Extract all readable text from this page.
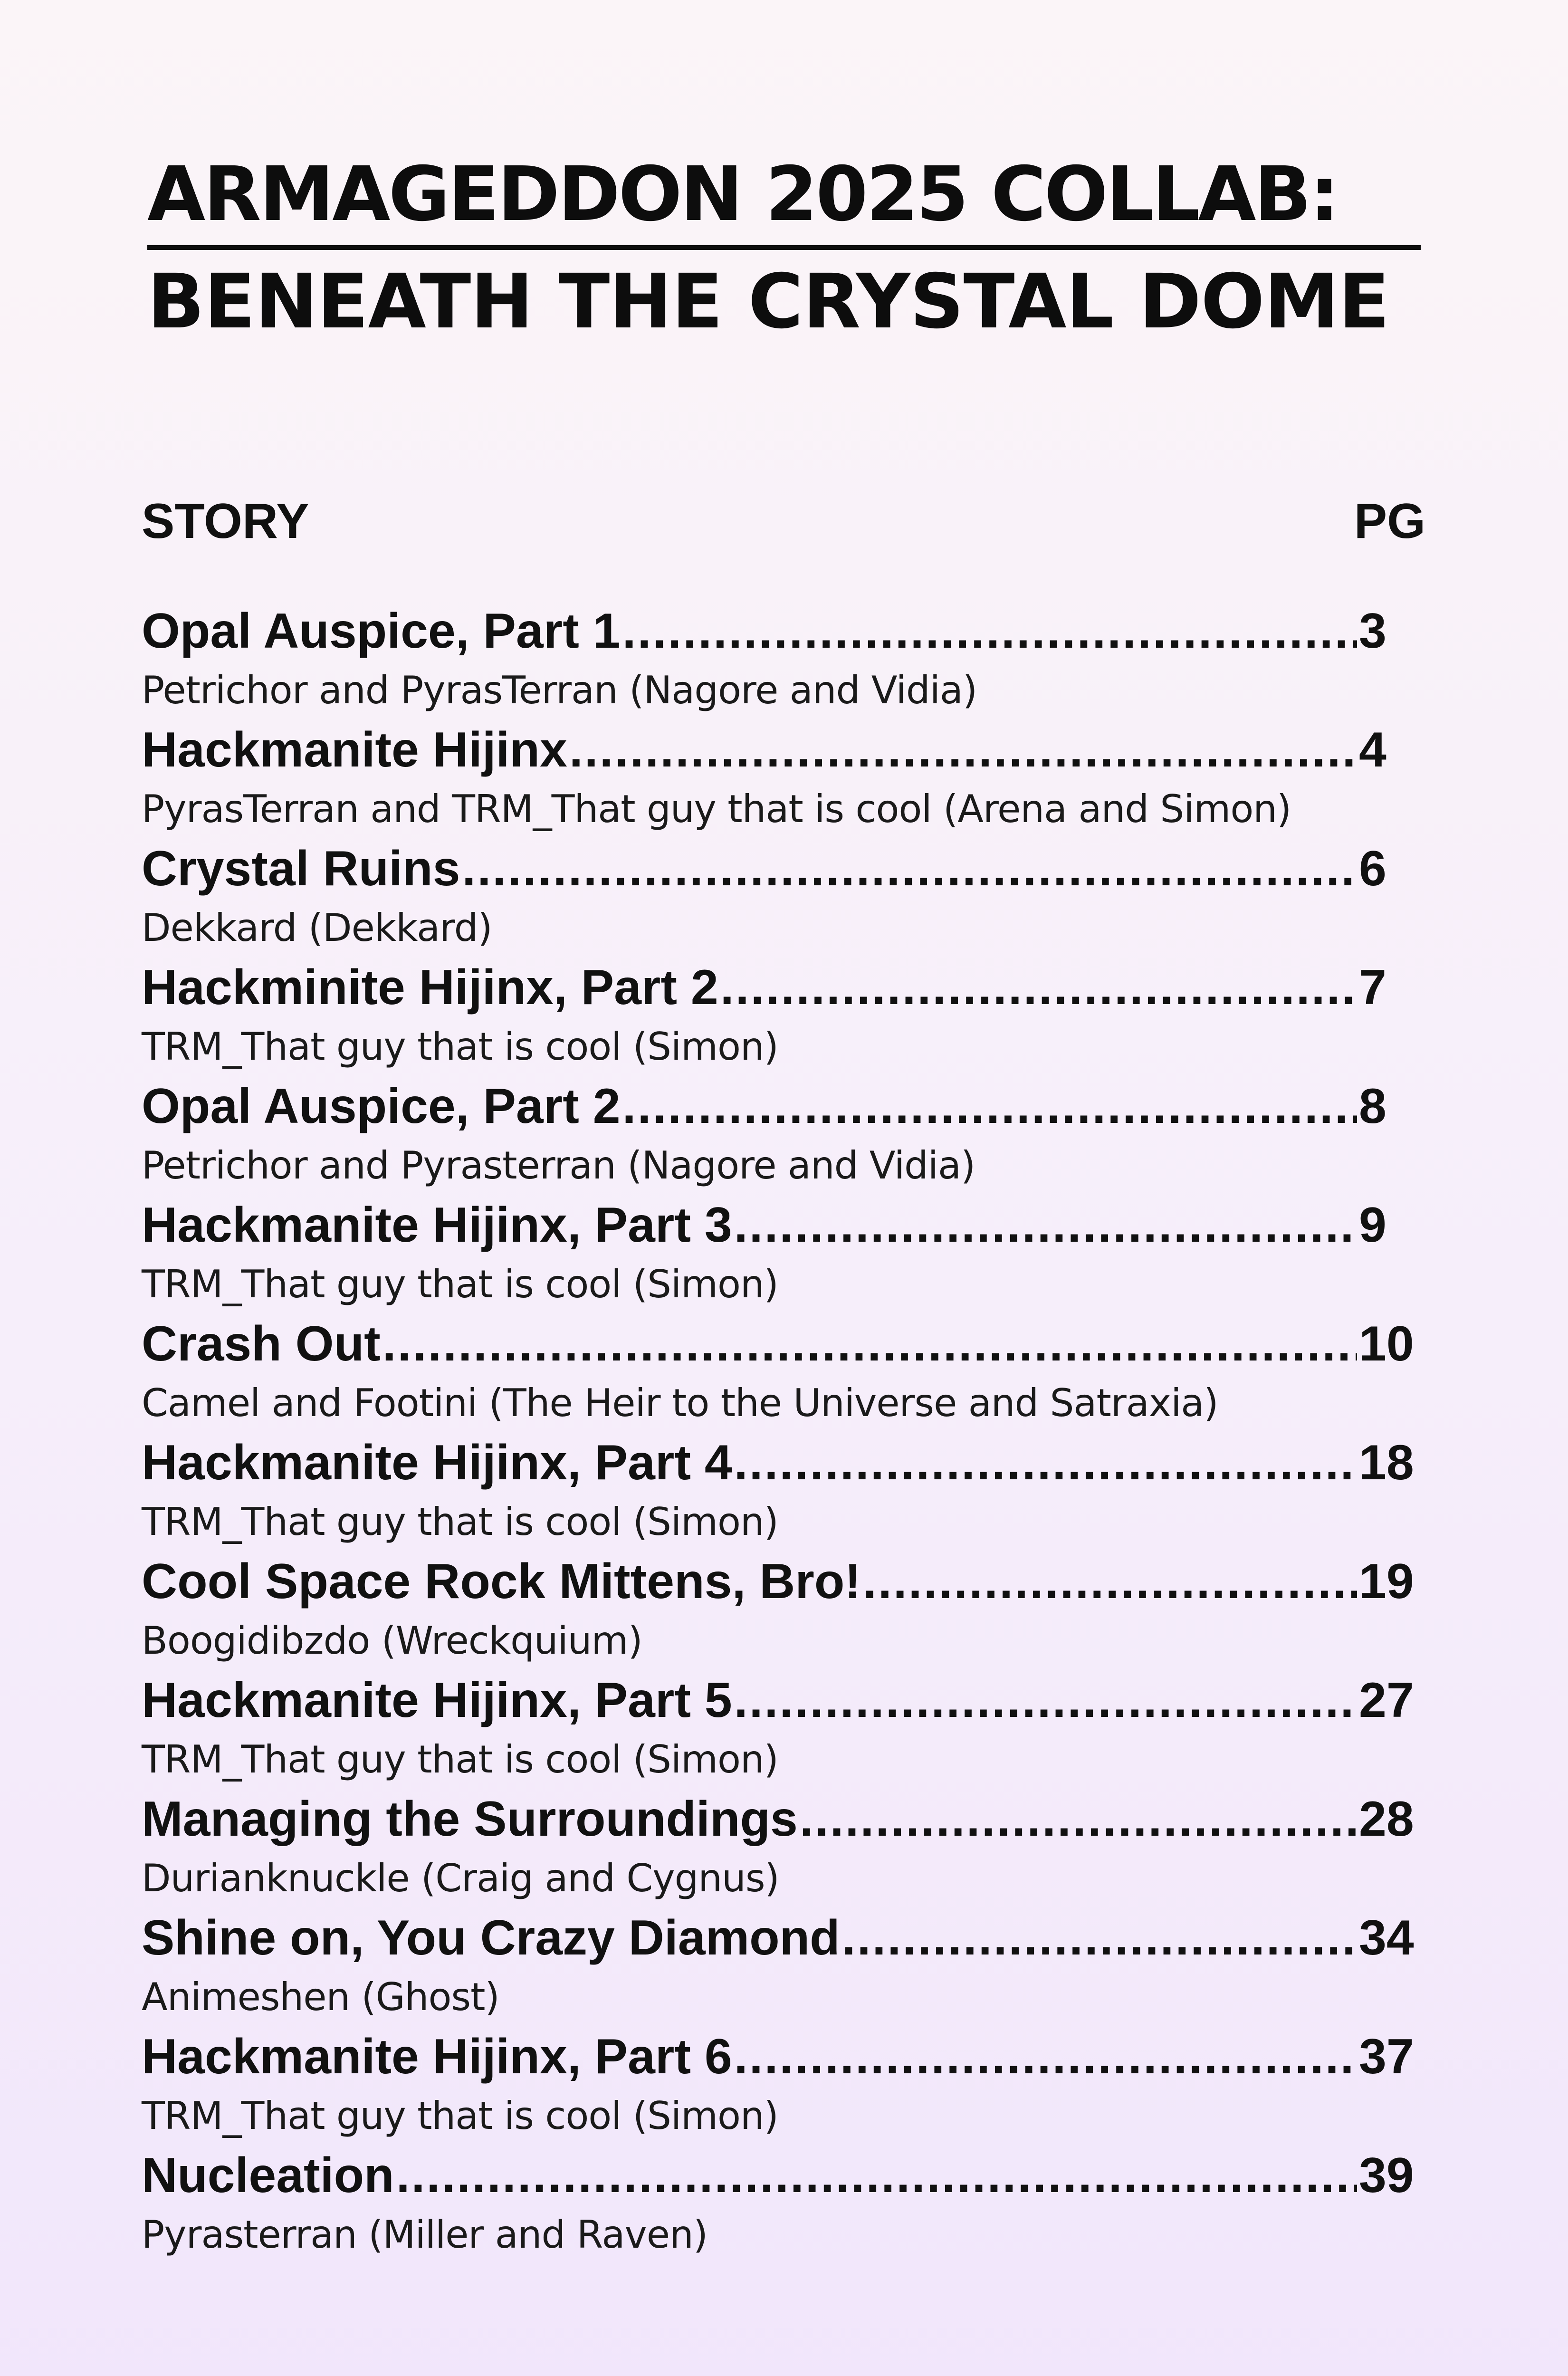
ARMAGEDDON 2025 COLLAB:
BENEATH THE CRYSTAL DOME
STORY	PG
Opal Auspice, Part 1 .....	3
Petrichor and PyrasTerran (Nagore and Vidia)
Hackmanite Hijinx .....	4
PyrasTerran and TRM_That guy that is cool (Arena and Simon)
Crystal Ruins .....	6
Dekkard (Dekkard)
Hackminite Hijinx, Part 2 .....	7
TRM_That guy that is cool (Simon)
Opal Auspice, Part 2 .....	8
Petrichor and Pyrasterran (Nagore and Vidia)
Hackmanite Hijinx, Part 3 .....	9
TRM_That guy that is cool (Simon)
Crash Out .....	10
Camel and Footini (The Heir to the Universe and Satraxia)
Hackmanite Hijinx, Part 4 .....	18
TRM_That guy that is cool (Simon)
Cool Space Rock Mittens, Bro! .....	19
Boogidibzdo (Wreckquium)
Hackmanite Hijinx, Part 5 .....	27
TRM_That guy that is cool (Simon)
Managing the Surroundings .....	28
Durianknuckle (Craig and Cygnus)
Shine on, You Crazy Diamond .....	34
Animeshen (Ghost)
Hackmanite Hijinx, Part 6 .....	37
TRM_That guy that is cool (Simon)
Nucleation .....	39
Pyrasterran (Miller and Raven)
